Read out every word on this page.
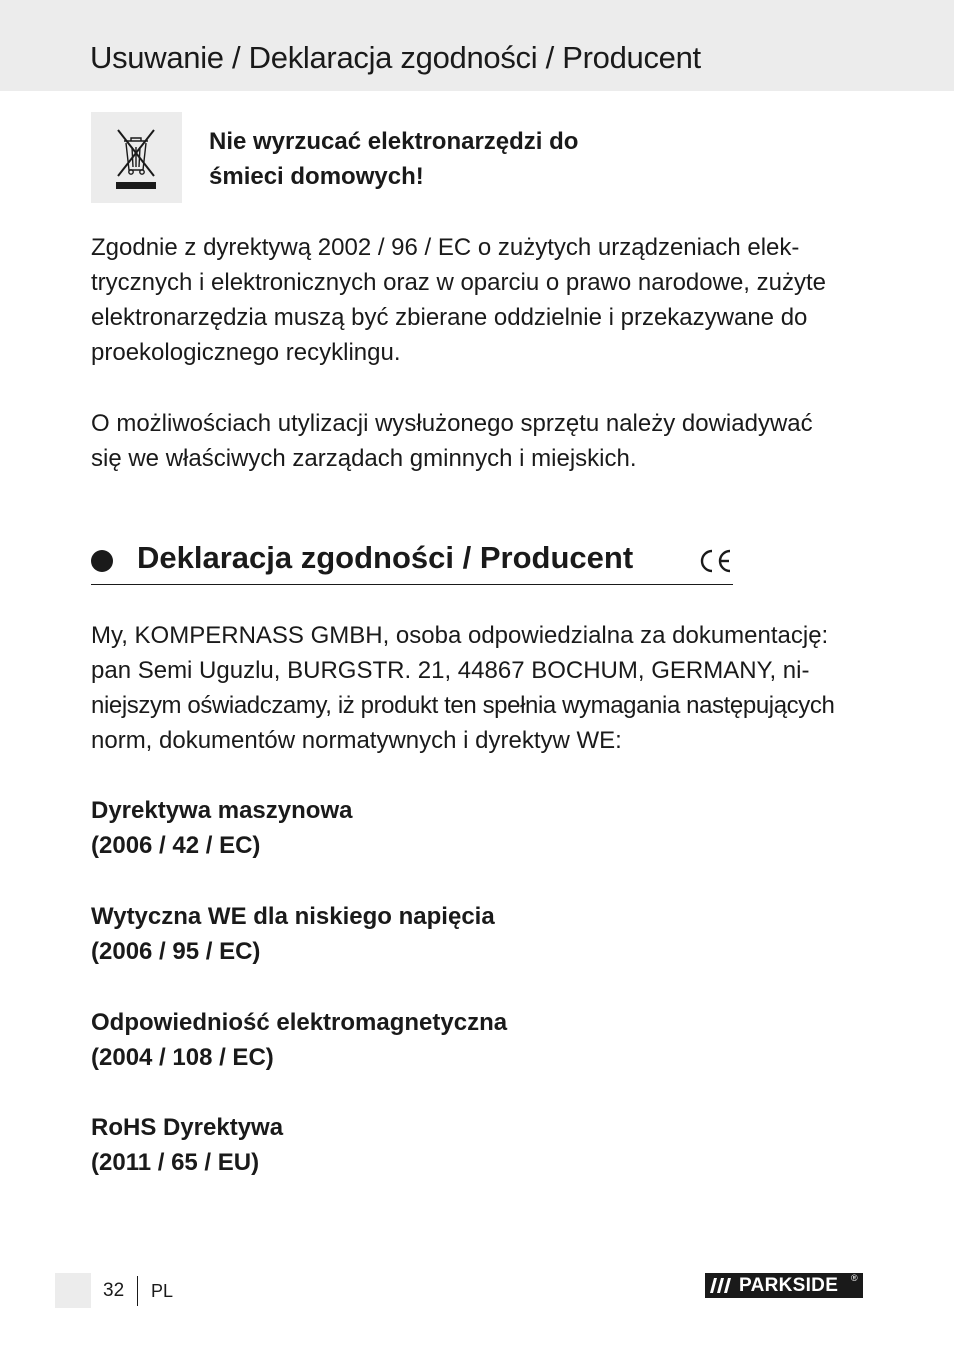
Usuwanie / Deklaracja zgodności / Producent
Nie wyrzucać elektronarzędzi do
śmieci domowych!
Zgodnie z dyrektywą 2002 / 96 / EC o zużytych urządzeniach elek-
trycznych i elektronicznych oraz w oparciu o prawo narodowe, zużyte
elektronarzędzia muszą być zbierane oddzielnie i przekazywane do
proekologicznego recyklingu.
O możliwościach utylizacji wysłużonego sprzętu należy dowiadywać
się we właściwych zarządach gminnych i miejskich.
Deklaracja zgodności / Producent
My, KOMPERNASS GMBH, osoba odpowiedzialna za dokumentację:
pan Semi Uguzlu, BURGSTR. 21, 44867 BOCHUM, GERMANY, ni-
niejszym oświadczamy, iż produkt ten spełnia wymagania następujących
norm, dokumentów normatywnych i dyrektyw WE:
Dyrektywa maszynowa
(2006 / 42 / EC)
Wytyczna WE dla niskiego napięcia
(2006 / 95 / EC)
Odpowiedniość elektromagnetyczna
(2004 / 108 / EC)
RoHS Dyrektywa
(2011 / 65 / EU)
32 PL	PARKSIDE ®
